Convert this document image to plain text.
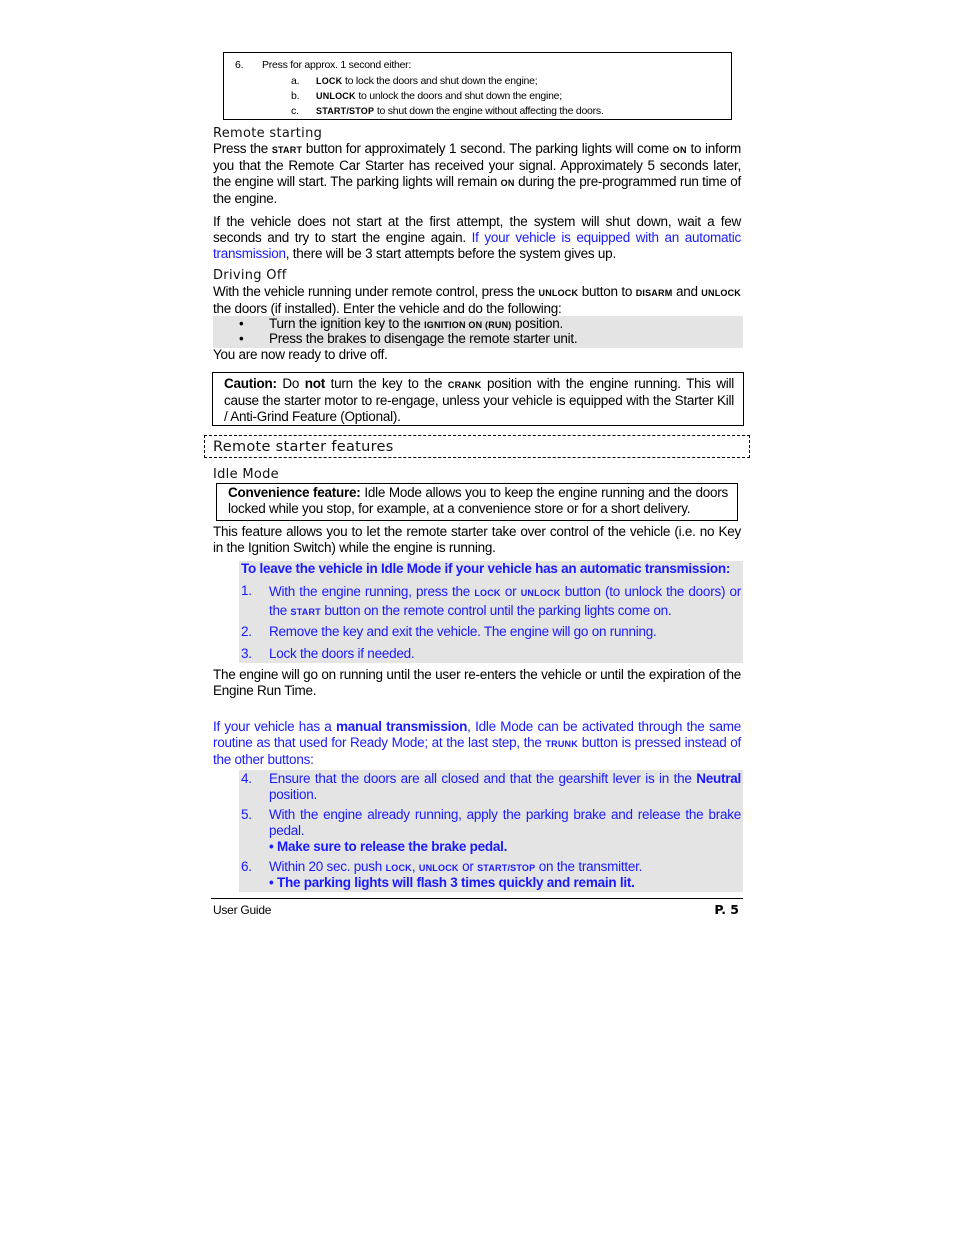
6. Press for approx. 1 second either:
a. LOCK to lock the doors and shut down the engine;
b. UNLOCK to unlock the doors and shut down the engine;
c. START/STOP to shut down the engine without affecting the doors.
Remote starting
Press the START button for approximately 1 second. The parking lights will come ON to inform you that the Remote Car Starter has received your signal. Approximately 5 seconds later, the engine will start. The parking lights will remain ON during the pre-programmed run time of the engine.
If the vehicle does not start at the first attempt, the system will shut down, wait a few seconds and try to start the engine again. If your vehicle is equipped with an automatic transmission, there will be 3 start attempts before the system gives up.
Driving Off
With the vehicle running under remote control, press the UNLOCK button to DISARM and UNLOCK the doors (if installed). Enter the vehicle and do the following:
• Turn the ignition key to the IGNITION ON (RUN) position.
• Press the brakes to disengage the remote starter unit.
You are now ready to drive off.
Caution: Do not turn the key to the CRANK position with the engine running. This will cause the starter motor to re-engage, unless your vehicle is equipped with the Starter Kill / Anti-Grind Feature (Optional).
Remote starter features
Idle Mode
Convenience feature: Idle Mode allows you to keep the engine running and the doors locked while you stop, for example, at a convenience store or for a short delivery.
This feature allows you to let the remote starter take over control of the vehicle (i.e. no Key in the Ignition Switch) while the engine is running.
To leave the vehicle in Idle Mode if your vehicle has an automatic transmission:
1. With the engine running, press the LOCK or UNLOCK button (to unlock the doors) or the START button on the remote control until the parking lights come on.
2. Remove the key and exit the vehicle. The engine will go on running.
3. Lock the doors if needed.
The engine will go on running until the user re-enters the vehicle or until the expiration of the Engine Run Time.
If your vehicle has a manual transmission, Idle Mode can be activated through the same routine as that used for Ready Mode; at the last step, the TRUNK button is pressed instead of the other buttons:
4. Ensure that the doors are all closed and that the gearshift lever is in the Neutral position.
5. With the engine already running, apply the parking brake and release the brake pedal.
• Make sure to release the brake pedal.
6. Within 20 sec. push LOCK, UNLOCK or START/STOP on the transmitter.
• The parking lights will flash 3 times quickly and remain lit.
User Guide	P. 5
